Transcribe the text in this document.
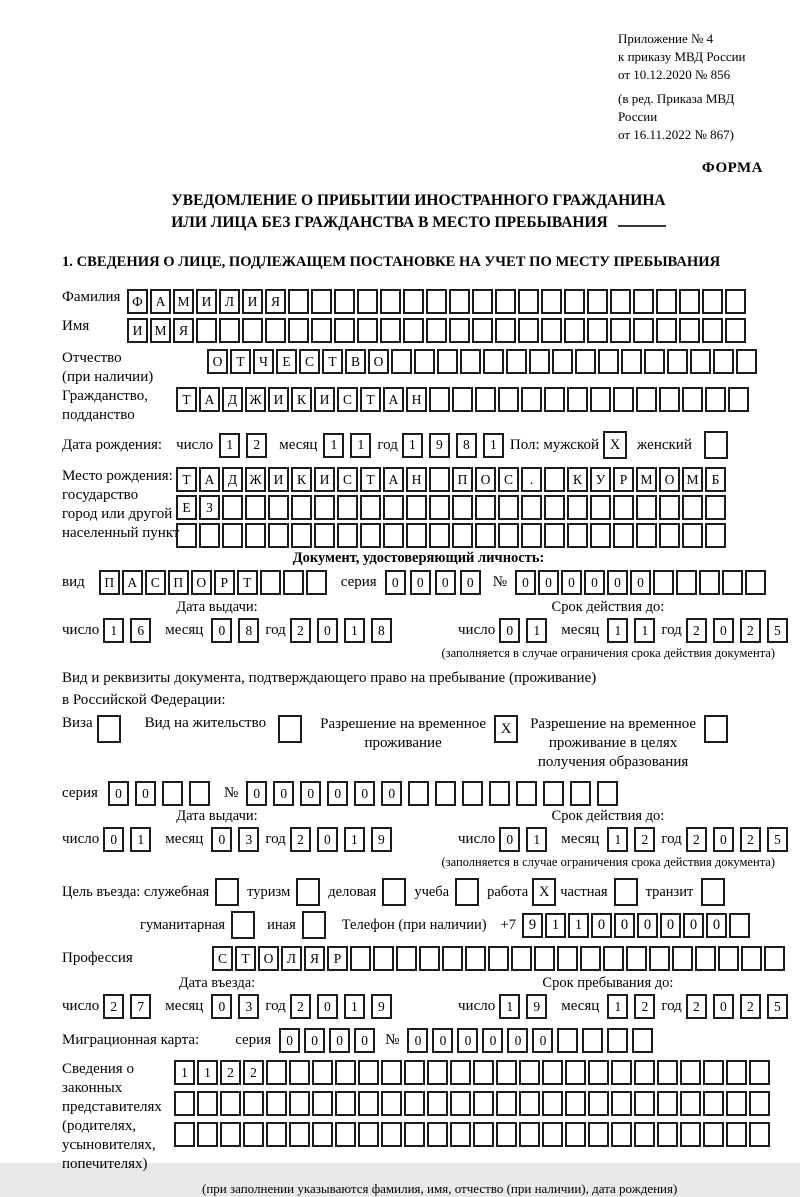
Приложение № 4
к приказу МВД России
от 10.12.2020 № 856
(в ред. Приказа МВД России
от 16.11.2022 № 867)
ФОРМА
УВЕДОМЛЕНИЕ О ПРИБЫТИИ ИНОСТРАННОГО ГРАЖДАНИНА
ИЛИ ЛИЦА БЕЗ ГРАЖДАНСТВА В МЕСТО ПРЕБЫВАНИЯ
1. СВЕДЕНИЯ О ЛИЦЕ, ПОДЛЕЖАЩЕМ ПОСТАНОВКЕ НА УЧЕТ ПО МЕСТУ ПРЕБЫВАНИЯ
Фамилия Ф А М И	Л	И	Я
Имя	И М Я
Отчество
(при наличии)
О	Т	Ч	Е	С	Т	В	О
Гражданство,
подданство
Т	А	Д Ж И	К	И	С	Т	А Н
Дата рождения: число 1	2	месяц 1	1 год 1	9	8	1 Пол: мужской X	женский
Место рождения:
государство
город или другой
населенный пункт
Т	А	Д Ж И	К	И	С	Т	А Н	П О	С	.	К	У	Р М О М Б
Е	З
Документ, удостоверяющий личность:
вид	П А	С	П О	Р	Т	серия	0	0	0	0	№	0	0	0	0	0	0
Дата выдачи:
число 1	6	месяц	0	8 год 2	0	1	8
Срок действия до:
число 0	1	месяц	1	1 год 2	0	2	5
(заполняется в случае ограничения срока действия документа)
Вид и реквизиты документа, подтверждающего право на пребывание (проживание)
в Российской Федерации:
Виза	Вид на жительство	Разрешение на временное
проживание
X	Разрешение на временное
проживание в целях
получения образования
серия	0	0	№	0	0	0	0	0	0
Дата выдачи:
число 0	1	месяц	0	3 год 2	0	1	9
Срок действия до:
число 0	1	месяц	1	2 год 2	0	2	5
(заполняется в случае ограничения срока действия документа)
Цель въезда: служебная	туризм	деловая	учеба	работа X частная	транзит
гуманитарная	иная	Телефон (при наличии) +7 9	1	1	0	0	0	0	0	0
Профессия	С	Т	О	Л	Я	Р
Дата въезда:
число 2	7	месяц	0	3 год 2	0	1	9
Срок пребывания до:
число 1	9	месяц	1	2 год 2	0	2	5
Миграционная карта: серия	0	0	0	0	№	0	0	0	0	0	0
Сведения о
законных
представителях
(родителях,
усыновителях,
попечителях)
1	1	2	2
(при заполнении указываются фамилия, имя, отчество (при наличии), дата рождения)
